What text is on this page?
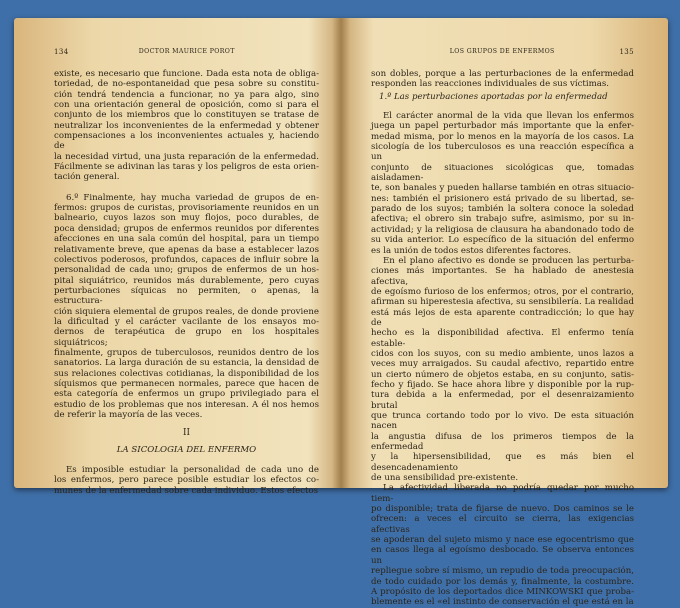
134	DOCTOR MAURICE POROT

existe, es necesario que funcione. Dada esta nota de obliga-

toriedad, de no-espontaneidad que pesa sobre su constitu-

ción tendrá tendencia a funcionar, no ya para algo, sino

con una orientación general de oposición, como si para el

conjunto de los miembros que lo constituyen se tratase de

neutralizar los inconvenientes de la enfermedad y obtener

compensaciones a los inconvenientes actuales y, haciendo de

la necesidad virtud, una justa reparación de la enfermedad.

Fácilmente se adivinan las taras y los peligros de esta orien-

tación general.

6.º Finalmente, hay mucha variedad de grupos de en-

fermos: grupos de curistas, provisoriamente reunidos en un

balneario, cuyos lazos son muy flojos, poco durables, de

poca densidad; grupos de enfermos reunidos por diferentes

afecciones en una sala común del hospital, para un tiempo

relativamente breve, que apenas da base a establecer lazos

colectivos poderosos, profundos, capaces de influir sobre la

personalidad de cada uno; grupos de enfermos de un hos-

pital siquiátrico, reunidos más durablemente, pero cuyas

perturbaciones síquicas no permiten, o apenas, la estructura-

ción siquiera elemental de grupos reales, de donde proviene

la dificultad y el carácter vacilante de los ensayos mo-

dernos de terapéutica de grupo en los hospitales siquiátricos;

finalmente, grupos de tuberculosos, reunidos dentro de los

sanatorios. La larga duración de su estancia, la densidad de

sus relaciones colectivas cotidianas, la disponibilidad de los

síquismos que permanecen normales, parece que hacen de

esta categoría de enfermos un grupo privilegiado para el

estudio de los problemas que nos interesan. A él nos hemos

de referir la mayoría de las veces.

II
LA SICOLOGIA DEL ENFERMO

Es imposible estudiar la personalidad de cada uno de

los enfermos, pero parece posible estudiar los efectos co-

munes de la enfermedad sobre cada individuo. Estos efectos

LOS GRUPOS DE ENFERMOS	135

son dobles, porque a las perturbaciones de la enfermedad

responden las reacciones individuales de sus víctimas.

1.º Las perturbaciones aportadas por la enfermedad

El carácter anormal de la vida que llevan los enfermos

juega un papel perturbador más importante que la enfer-

medad misma, por lo menos en la mayoría de los casos. La

sicología de los tuberculosos es una reacción específica a un

conjunto de situaciones sicológicas que, tomadas aisladamen-

te, son banales y pueden hallarse también en otras situacio-

nes: también el prisionero está privado de su libertad, se-

parado de los suyos; también la soltera conoce la soledad

afectiva; el obrero sin trabajo sufre, asimismo, por su in-

actividad; y la religiosa de clausura ha abandonado todo de

su vida anterior. Lo específico de la situación del enfermo

es la unión de todos estos diferentes factores.

En el plano afectivo es donde se producen las perturba-

ciones más importantes. Se ha hablado de anestesia afectiva,

de egoísmo furioso de los enfermos; otros, por el contrario,

afirman su hiperestesia afectiva, su sensibilería. La realidad

está más lejos de esta aparente contradicción; lo que hay de

hecho es la disponibilidad afectiva. El enfermo tenía estable-

cidos con los suyos, con su medio ambiente, unos lazos a

veces muy arraigados. Su caudal afectivo, repartido entre

un cierto número de objetos estaba, en su conjunto, satis-

fecho y fijado. Se hace ahora libre y disponible por la rup-

tura debida a la enfermedad, por el desenraizamiento brutal

que trunca cortando todo por lo vivo. De esta situación nacen

la angustia difusa de los primeros tiempos de la enfermedad

y la hipersensibilidad, que es más bien el desencadenamiento

de una sensibilidad pre-existente.

La afectividad liberada no podría quedar por mucho tiem-

po disponible; trata de fijarse de nuevo. Dos caminos se le

ofrecen: a veces el circuito se cierra, las exigencias afectivas

se apoderan del sujeto mismo y nace ese egocentrismo que

en casos llega al egoísmo desbocado. Se observa entonces un

repliegue sobre sí mismo, un repudio de toda preocupación,

de todo cuidado por los demás y, finalmente, la costumbre.

A propósito de los deportados dice MINKOWSKI que proba-

blemente es el «el instinto de conservación el que está en la
